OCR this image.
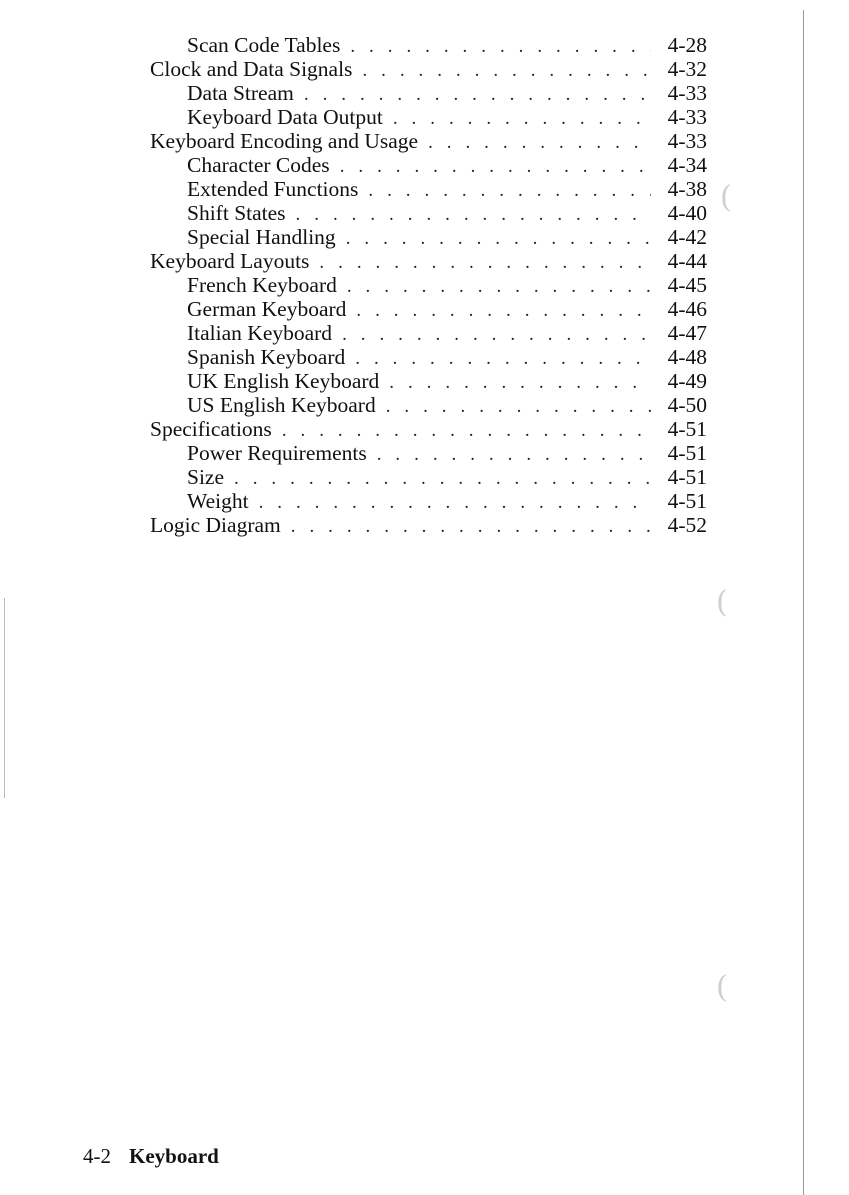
(
(
(
Scan Code Tables . . .	4-28
Clock and Data Signals . . .	4-32
Data Stream . . .	4-33
Keyboard Data Output . . .	4-33
Keyboard Encoding and Usage . . .	4-33
Character Codes . . .	4-34
Extended Functions . . .	4-38
Shift States . . .	4-40
Special Handling . . .	4-42
Keyboard Layouts . . .	4-44
French Keyboard . . .	4-45
German Keyboard . . .	4-46
Italian Keyboard . . .	4-47
Spanish Keyboard . . .	4-48
UK English Keyboard . . .	4-49
US English Keyboard . . .	4-50
Specifications . . .	4-51
Power Requirements . . .	4-51
Size . . .	4-51
Weight . . .	4-51
Logic Diagram . . .	4-52
4-2 Keyboard
